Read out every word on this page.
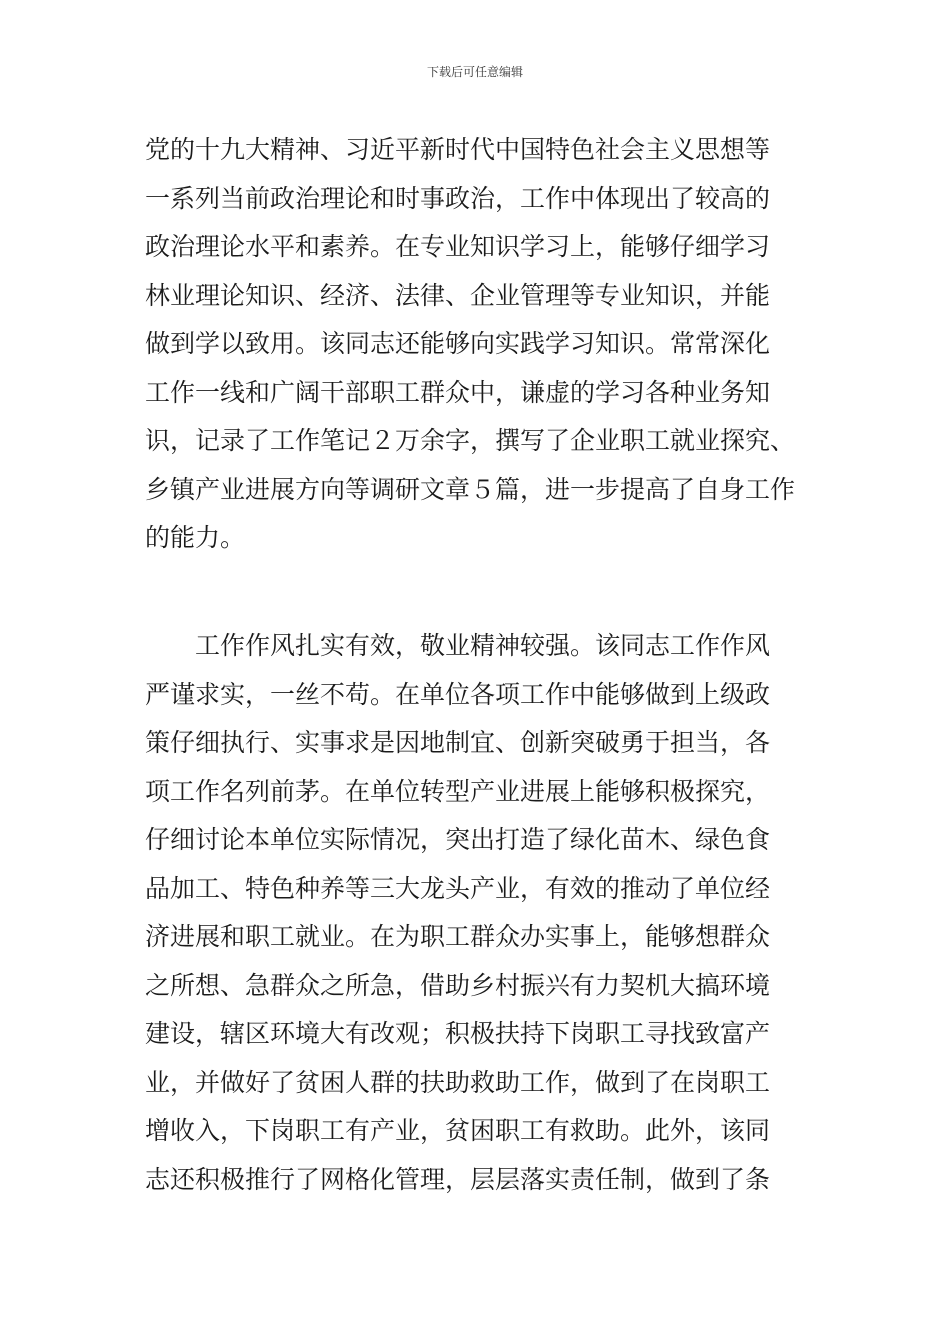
下载后可任意编辑
党的十九大精神、习近平新时代中国特色社会主义思想等
一系列当前政治理论和时事政治，工作中体现出了较高的
政治理论水平和素养。在专业知识学习上，能够仔细学习
林业理论知识、经济、法律、企业管理等专业知识，并能
做到学以致用。该同志还能够向实践学习知识。常常深化
工作一线和广阔干部职工群众中，谦虚的学习各种业务知
识，记录了工作笔记２万余字，撰写了企业职工就业探究、
乡镇产业进展方向等调研文章５篇，进一步提高了自身工作
的能力。
　　工作作风扎实有效，敬业精神较强。该同志工作作风
严谨求实，一丝不苟。在单位各项工作中能够做到上级政
策仔细执行、实事求是因地制宜、创新突破勇于担当，各
项工作名列前茅。在单位转型产业进展上能够积极探究，
仔细讨论本单位实际情况，突出打造了绿化苗木、绿色食
品加工、特色种养等三大龙头产业，有效的推动了单位经
济进展和职工就业。在为职工群众办实事上，能够想群众
之所想、急群众之所急，借助乡村振兴有力契机大搞环境
建设，辖区环境大有改观；积极扶持下岗职工寻找致富产
业，并做好了贫困人群的扶助救助工作，做到了在岗职工
增收入，下岗职工有产业，贫困职工有救助。此外，该同
志还积极推行了网格化管理，层层落实责任制，做到了条
